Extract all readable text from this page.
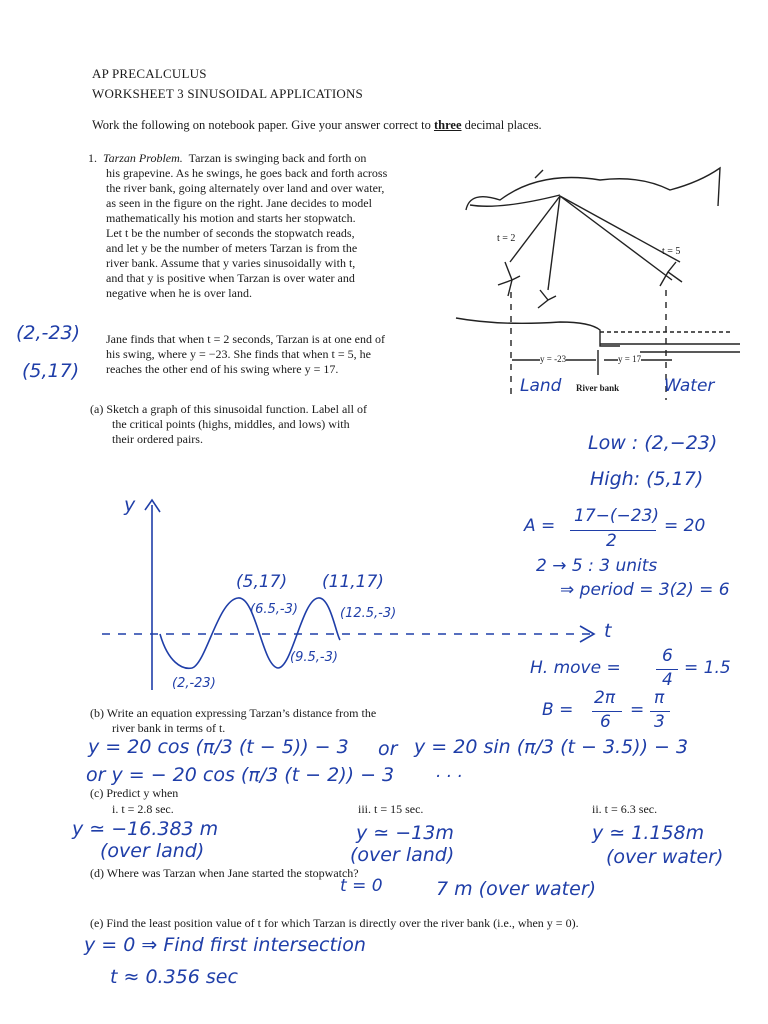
AP PRECALCULUS
WORKSHEET 3 SINUSOIDAL APPLICATIONS
Work the following on notebook paper. Give your answer correct to three decimal places.
1. Tarzan Problem. Tarzan is swinging back and forth on
his grapevine. As he swings, he goes back and forth across
the river bank, going alternately over land and over water,
as seen in the figure on the right. Jane decides to model
mathematically his motion and starts her stopwatch.
Let t be the number of seconds the stopwatch reads,
and let y be the number of meters Tarzan is from the
river bank. Assume that y varies sinusoidally with t,
and that y is positive when Tarzan is over water and
negative when he is over land.
Jane finds that when t = 2 seconds, Tarzan is at one end of
his swing, where y = −23. She finds that when t = 5, he
reaches the other end of his swing where y = 17.
(2,-23)
(5,17)
t = 2
t = 5
y = -23	y = 17
River bank
Land	Water
(a) Sketch a graph of this sinusoidal function. Label all of
the critical points (highs, middles, and lows) with
their ordered pairs.	Low : (2,−23)
High: (5,17)
A = 17−(−23)
2
= 20
2 → 5 : 3 units
⇒ period = 3(2) = 6
H. move =
6
4
= 1.5
B =
2π
6
=
π
3
y
t
(5,17) (11,17)
(6.5,-3)	(12.5,-3)
(9.5,-3)
(2,-23)
(b) Write an equation expressing Tarzan’s distance from the
river bank in terms of t.
y = 20 cos (π/3 (t − 5)) − 3 or y = 20 sin (π/3 (t − 3.5)) − 3
or y = − 20 cos (π/3 (t − 2)) − 3 . . .
(c) Predict y when
i. t = 2.8 sec.	iii. t = 15 sec.	ii. t = 6.3 sec.
y ≃ −16.383 m
(over land)
y ≃ −13m
(over land)
y ≃ 1.158m
(over water)
(d) Where was Tarzan when Jane started the stopwatch?
t = 0	7 m (over water)
(e) Find the least position value of t for which Tarzan is directly over the river bank (i.e., when y = 0).
y = 0 ⇒ Find first intersection
t ≈ 0.356 sec
